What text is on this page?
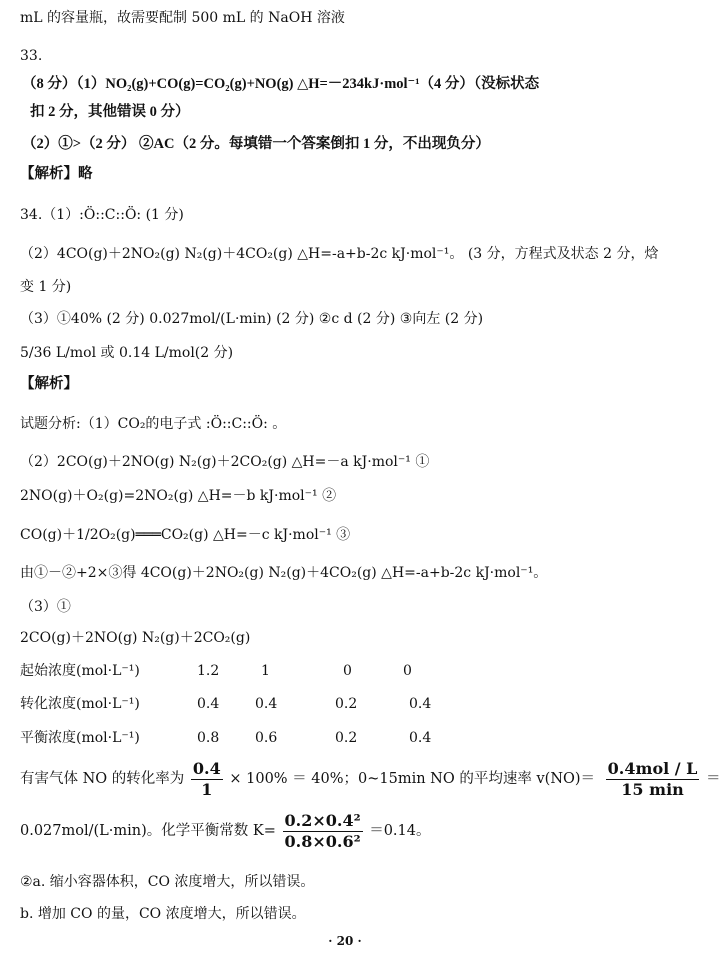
mL 的容量瓶，故需要配制 500 mL 的 NaOH 溶液
33.
（8 分）（1）NO₂(g)+CO(g)=CO₂(g)+NO(g) △H=－234kJ·mol⁻¹（4 分）（没标状态
扣 2 分，其他错误 0 分）
（2）①>（2 分） ②AC（2 分。每填错一个答案倒扣 1 分，不出现负分）
【解析】略
34.（1）:Ö::C::Ö: (1 分)
（2）4CO(g)＋2NO₂(g) N₂(g)＋4CO₂(g) △H=-a+b-2c kJ·mol⁻¹。 (3 分，方程式及状态 2 分，焓
变 1 分)
（3）①40% (2 分) 0.027mol/(L·min) (2 分) ②c d (2 分) ③向左 (2 分)
5/36 L/mol 或 0.14 L/mol(2 分)
【解析】
试题分析:（1）CO₂的电子式 :Ö::C::Ö: 。
（2）2CO(g)＋2NO(g) N₂(g)＋2CO₂(g) △H=－a kJ·mol⁻¹ ①
2NO(g)＋O₂(g)=2NO₂(g) △H=－b kJ·mol⁻¹ ②
CO(g)＋1/2O₂(g)═══CO₂(g) △H=－c kJ·mol⁻¹ ③
由①－②+2×③得 4CO(g)＋2NO₂(g) N₂(g)＋4CO₂(g) △H=-a+b-2c kJ·mol⁻¹。
（3）①
2CO(g)＋2NO(g) N₂(g)＋2CO₂(g)
起始浓度(mol·L⁻¹)	1.2	1	0	0
转化浓度(mol·L⁻¹)	0.4	0.4	0.2	0.4
平衡浓度(mol·L⁻¹)	0.8	0.6	0.2	0.4
有害气体 NO 的转化率为 $\frac{0.4}{1} \times 100\% = 40\%$；0~15min NO 的平均速率 $v(NO)= \frac{\text{0.4mol / L}}{15 \min}$ ＝
0.027mol/(L·min)。化学平衡常数 $K= \frac{\text{0.2×0.4²}}{\text{0.8×0.6²}} =0.14$。
②a. 缩小容器体积，CO 浓度增大，所以错误。
b. 增加 CO 的量，CO 浓度增大，所以错误。
· 20 ·
